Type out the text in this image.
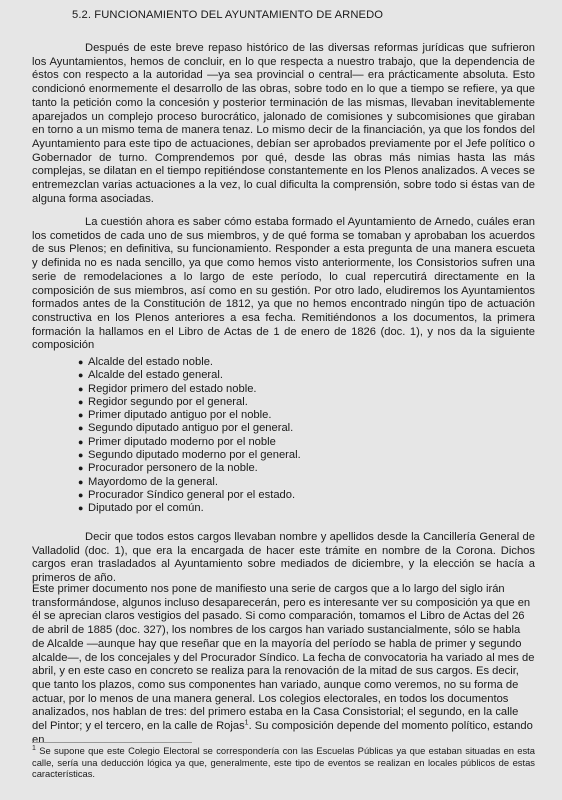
5.2. FUNCIONAMIENTO DEL AYUNTAMIENTO DE ARNEDO

Después de este breve repaso histórico de las diversas reformas jurídicas que sufrieron los Ayuntamientos, hemos de concluir, en lo que respecta a nuestro trabajo, que la dependencia de éstos con respecto a la autoridad —ya sea provincial o central— era prácticamente absoluta. Esto condicionó enormemente el desarrollo de las obras, sobre todo en lo que a tiempo se refiere, ya que tanto la petición como la concesión y posterior terminación de las mismas, llevaban inevitablemente aparejados un complejo proceso burocrático, jalonado de comisiones y subcomisiones que giraban en torno a un mismo tema de manera tenaz. Lo mismo decir de la financiación, ya que los fondos del Ayuntamiento para este tipo de actuaciones, debían ser aprobados previamente por el Jefe político o Gobernador de turno. Comprendemos por qué, desde las obras más nimias hasta las más complejas, se dilatan en el tiempo repitiéndose constantemente en los Plenos analizados. A veces se entremezclan varias actuaciones a la vez, lo cual dificulta la comprensión, sobre todo si éstas van de alguna forma asociadas.

La cuestión ahora es saber cómo estaba formado el Ayuntamiento de Arnedo, cuáles eran los cometidos de cada uno de sus miembros, y de qué forma se tomaban y aprobaban los acuerdos de sus Plenos; en definitiva, su funcionamiento. Responder a esta pregunta de una manera escueta y definida no es nada sencillo, ya que como hemos visto anteriormente, los Consistorios sufren una serie de remodelaciones a lo largo de este período, lo cual repercutirá directamente en la composición de sus miembros, así como en su gestión. Por otro lado, eludiremos los Ayuntamientos formados antes de la Constitución de 1812, ya que no hemos encontrado ningún tipo de actuación constructiva en los Plenos anteriores a esa fecha. Remitiéndonos a los documentos, la primera formación la hallamos en el Libro de Actas de 1 de enero de 1826 (doc. 1), y nos da la siguiente composición

● Alcalde del estado noble.
● Alcalde del estado general.
● Regidor primero del estado noble.
● Regidor segundo por el general.
● Primer diputado antiguo por el noble.
● Segundo diputado antiguo por el general.
● Primer diputado moderno por el noble
● Segundo diputado moderno por el general.
● Procurador personero de la noble.
● Mayordomo de la general.
● Procurador Síndico general por el estado.
● Diputado por el común.

Decir que todos estos cargos llevaban nombre y apellidos desde la Cancillería General de Valladolid (doc. 1), que era la encargada de hacer este trámite en nombre de la Corona. Dichos cargos eran trasladados al Ayuntamiento sobre mediados de diciembre, y la elección se hacía a primeros de año.

Este primer documento nos pone de manifiesto una serie de cargos que a lo largo del siglo irán transformándose, algunos incluso desaparecerán, pero es interesante ver su composición ya que en él se aprecian claros vestigios del pasado. Si como comparación, tomamos el Libro de Actas del 26 de abril de 1885 (doc. 327), los nombres de los cargos han variado sustancialmente, sólo se habla de Alcalde —aunque hay que reseñar que en la mayoría del período se habla de primer y segundo alcalde—, de los concejales y del Procurador Síndico. La fecha de convocatoria ha variado al mes de abril, y en este caso en concreto se realiza para la renovación de la mitad de sus cargos. Es decir, que tanto los plazos, como sus componentes han variado, aunque como veremos, no su forma de actuar, por lo menos de una manera general. Los colegios electorales, en todos los documentos analizados, nos hablan de tres: del primero estaba en la Casa Consistorial; el segundo, en la calle del Pintor; y el tercero, en la calle de Rojas$^1$. Su composición depende del momento político, estando en

$^1$ Se supone que este Colegio Electoral se correspondería con las Escuelas Públicas ya que estaban situadas en esta calle, sería una deducción lógica ya que, generalmente, este tipo de eventos se realizan en locales públicos de estas características.
